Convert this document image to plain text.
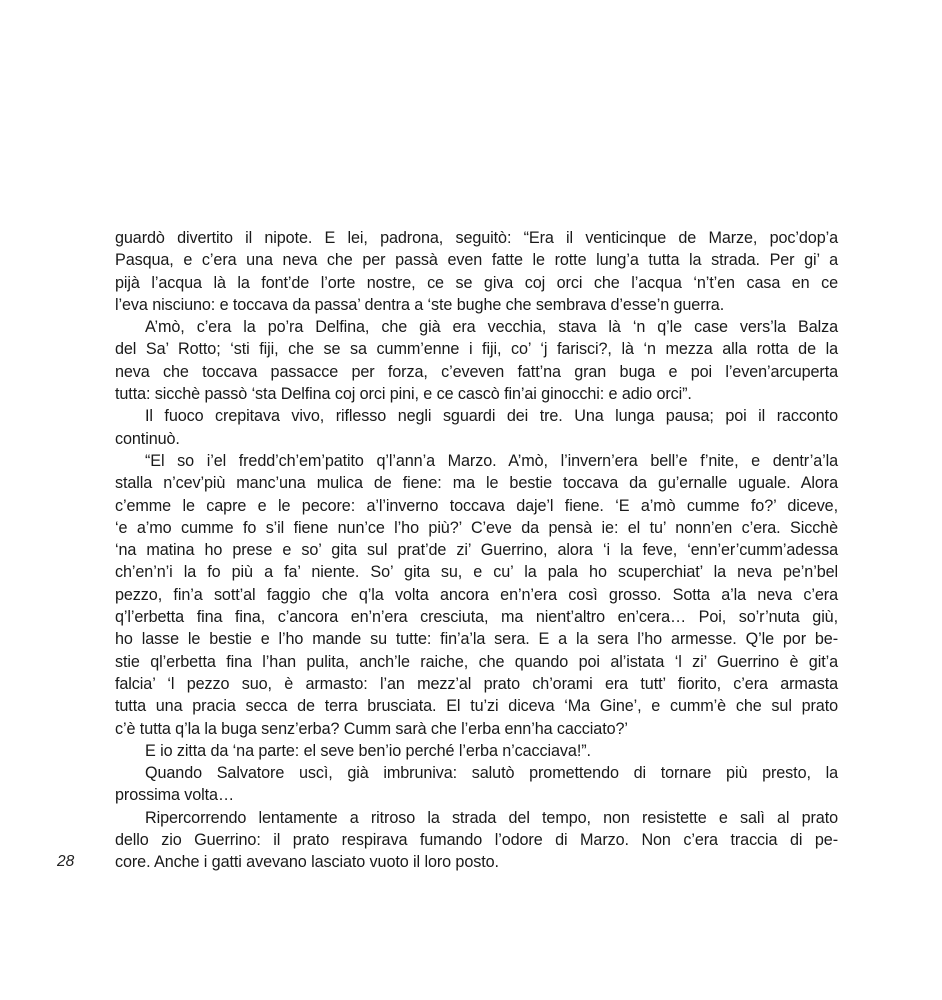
28
guardò divertito il nipote. E lei, padrona, seguitò: “Era il venticinque de Marze, poc’dop’a
Pasqua, e c’era una neva che per passà even fatte le rotte lung’a tutta la strada. Per gi’ a
pijà l’acqua là la font’de l’orte nostre, ce se giva coj orci che l’acqua ‘n’t’en casa en ce
l’eva nisciuno: e toccava da passa’ dentra a ‘ste bughe che sembrava d’esse’n guerra.
A’mò, c’era la po’ra Delfina, che già era vecchia, stava là ‘n q’le case vers’la Balza
del Sa’ Rotto; ‘sti fiji, che se sa cumm’enne i fiji, co’ ‘j farisci?, là ‘n mezza alla rotta de la
neva che toccava passacce per forza, c’eveven fatt’na gran buga e poi l’even’arcuperta
tutta: sicchè passò ‘sta Delfina coj orci pini, e ce cascò fin’ai ginocchi: e adio orci”.
Il fuoco crepitava vivo, riflesso negli sguardi dei tre. Una lunga pausa; poi il racconto
continuò.
“El so i’el fredd’ch’em’patito q’l’ann’a Marzo. A’mò, l’invern’era bell’e f’nite, e dentr’a’la
stalla n’cev’più manc’una mulica de fiene: ma le bestie toccava da gu’ernalle uguale. Alora
c’emme le capre e le pecore: a’l’inverno toccava daje’l fiene. ‘E a’mò cumme fo?’ diceve,
‘e a’mo cumme fo s’il fiene nun’ce l’ho più?’ C’eve da pensà ie: el tu’ nonn’en c’era. Sicchè
‘na matina ho prese e so’ gita sul prat’de zi’ Guerrino, alora ‘i la feve, ‘enn’er’cumm’adessa
ch’en’n’i la fo più a fa’ niente. So’ gita su, e cu’ la pala ho scuperchiat’ la neva pe’n’bel
pezzo, fin’a sott’al faggio che q’la volta ancora en’n’era così grosso. Sotta a’la neva c’era
q’l’erbetta fina fina, c’ancora en’n’era cresciuta, ma nient’altro en’cera… Poi, so’r’nuta giù,
ho lasse le bestie e l’ho mande su tutte: fin’a’la sera. E a la sera l’ho armesse. Q’le por be-
stie ql’erbetta fina l’han pulita, anch’le raiche, che quando poi al’istata ‘l zi’ Guerrino è git’a
falcia’ ‘l pezzo suo, è armasto: l’an mezz’al prato ch’orami era tutt’ fiorito, c’era armasta
tutta una pracia secca de terra brusciata. El tu’zi diceva ‘Ma Gine’, e cumm’è che sul prato
c’è tutta q’la la buga senz’erba? Cumm sarà che l’erba enn’ha cacciato?’
E io zitta da ‘na parte: el seve ben’io perché l’erba n’cacciava!”.
Quando Salvatore uscì, già imbruniva: salutò promettendo di tornare più presto, la
prossima volta…
Ripercorrendo lentamente a ritroso la strada del tempo, non resistette e salì al prato
dello zio Guerrino: il prato respirava fumando l’odore di Marzo. Non c’era traccia di pe-
core. Anche i gatti avevano lasciato vuoto il loro posto.
